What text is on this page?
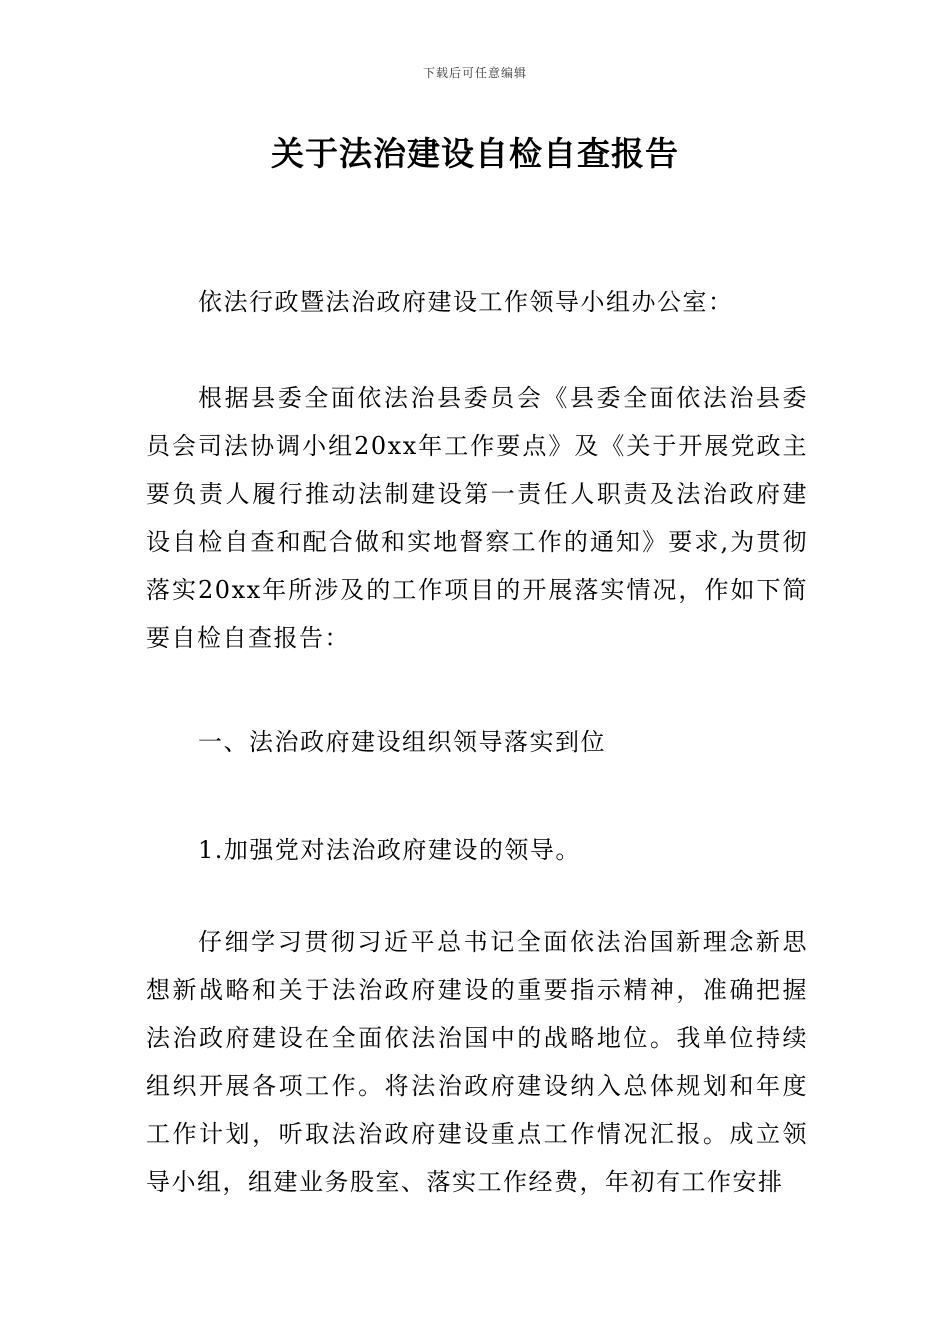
下载后可任意编辑
关于法治建设自检自查报告

依法行政暨法治政府建设工作领导小组办公室：

根据县委全面依法治县委员会《县委全面依法治县委员会司法协调小组20xx年工作要点》及《关于开展党政主要负责人履行推动法制建设第一责任人职责及法治政府建设自检自查和配合做和实地督察工作的通知》要求,为贯彻落实20xx年所涉及的工作项目的开展落实情况，作如下简要自检自查报告：

一、法治政府建设组织领导落实到位

1.加强党对法治政府建设的领导。

仔细学习贯彻习近平总书记全面依法治国新理念新思想新战略和关于法治政府建设的重要指示精神，准确把握法治政府建设在全面依法治国中的战略地位。我单位持续组织开展各项工作。将法治政府建设纳入总体规划和年度工作计划，听取法治政府建设重点工作情况汇报。成立领导小组，组建业务股室、落实工作经费，年初有工作安排
